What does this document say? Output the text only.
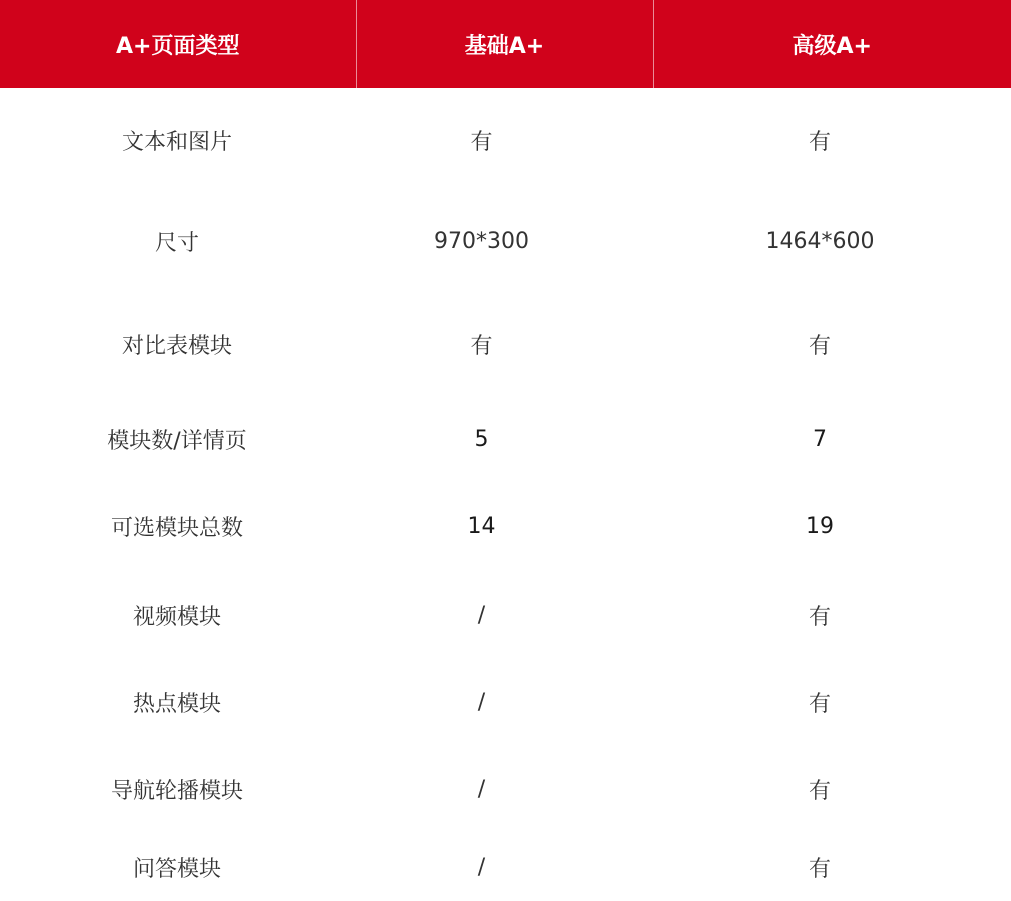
A+页面类型	基础A+	高级A+
文本和图片	有	有
尺寸	970*300	1464*600
对比表模块	有	有
模块数/详情页	5	7
可选模块总数	14	19
视频模块	/	有
热点模块	/	有
导航轮播模块	/	有
问答模块	/	有
